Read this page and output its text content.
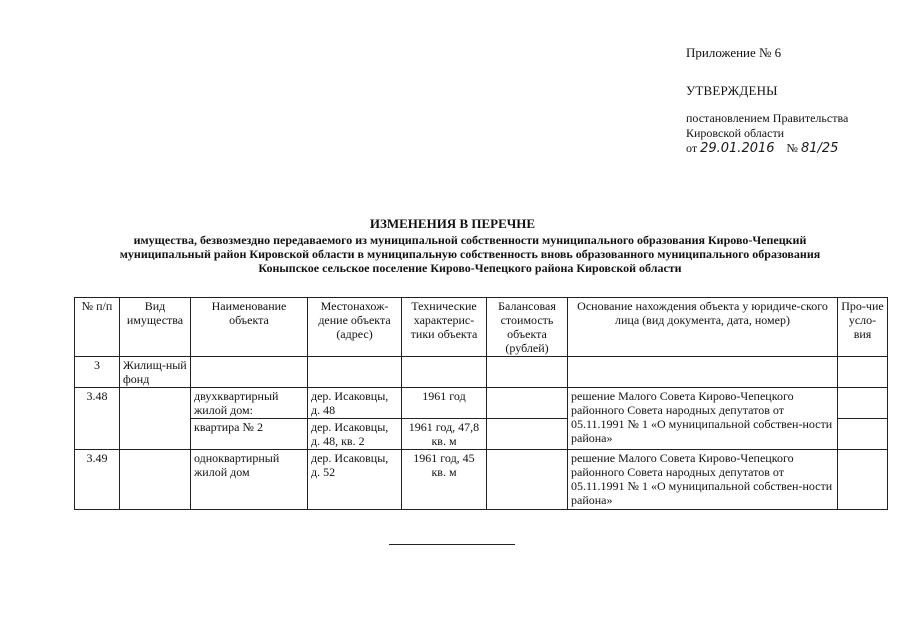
Приложение № 6
УТВЕРЖДЕНЫ
постановлением Правительства
Кировской области
от 29.01.2016 № 81/25
ИЗМЕНЕНИЯ В ПЕРЕЧНЕ
имущества, безвозмездно передаваемого из муниципальной собственности муниципального образования Кирово-Чепецкий муниципальный район Кировской области в муниципальную собственность вновь образованного муниципального образования Коныпское сельское поселение Кирово-Чепецкого района Кировской области
№ п/п	Вид имущества	Наименование объекта	Местонахож-дение объекта (адрес)	Технические характерис-тики объекта	Балансовая стоимость объекта (рублей)	Основание нахождения объекта у юридиче-ского лица (вид документа, дата, номер)	Про-чие усло-вия
3	Жилищ-ный фонд						
3.48		двухквартирный жилой дом:	дер. Исаковцы, д. 48	1961 год		решение Малого Совета Кирово-Чепецкого районного Совета народных депутатов от 05.11.1991 № 1 «О муниципальной собствен-ности района»	
		квартира № 2	дер. Исаковцы, д. 48, кв. 2	1961 год, 47,8 кв. м			
3.49		одноквартирный жилой дом	дер. Исаковцы, д. 52	1961 год, 45 кв. м		решение Малого Совета Кирово-Чепецкого районного Совета народных депутатов от 05.11.1991 № 1 «О муниципальной собствен-ности района»	
